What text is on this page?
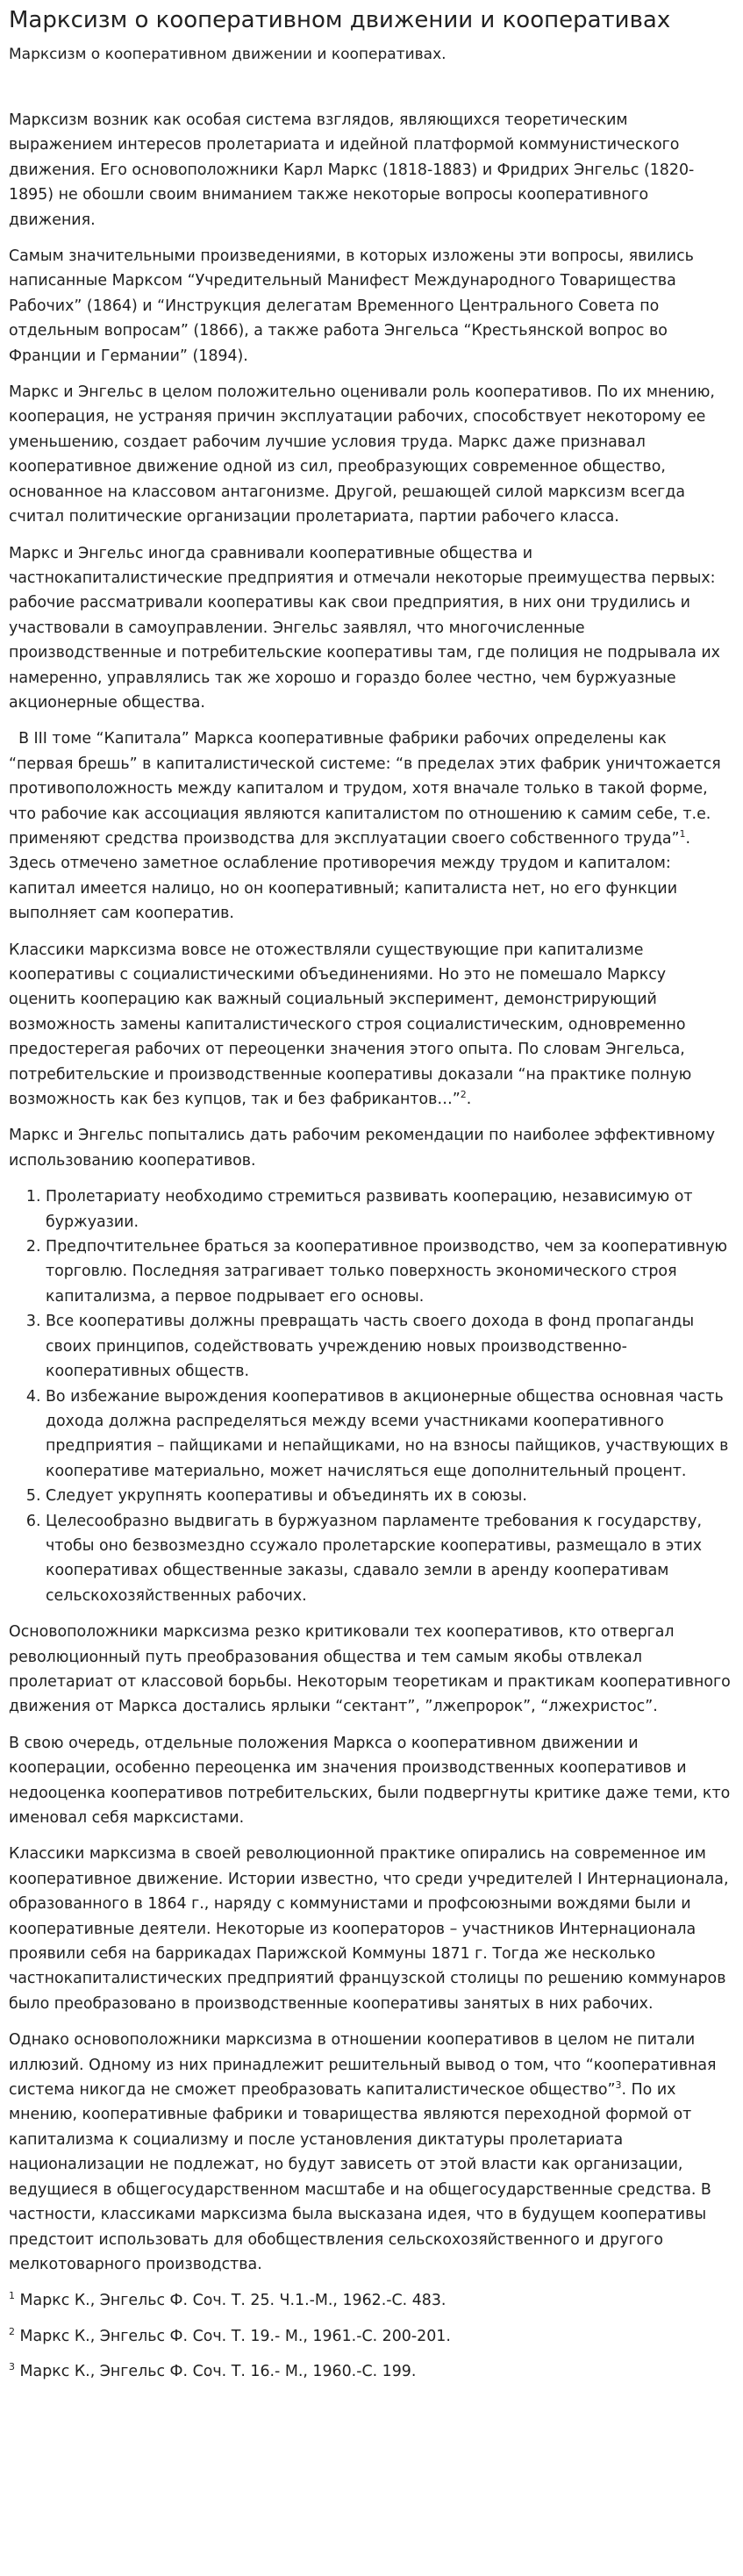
Марксизм о кооперативном движении и кооперативах
Марксизм о кооперативном движении и кооперативах.

Марксизм возник как особая система взглядов, являющихся теоретическим выражением интересов пролетариата и идейной платформой коммунистического движения. Его основоположники Карл Маркс (1818-1883) и Фридрих Энгельс (1820-1895) не обошли своим вниманием также некоторые вопросы кооперативного движения.

Самым значительными произведениями, в которых изложены эти вопросы, явились написанные Марксом “Учредительный Манифест Международного Товарищества Рабочих” (1864) и “Инструкция делегатам Временного Центрального Совета по отдельным вопросам” (1866), а также работа Энгельса “Крестьянской вопрос во Франции и Германии” (1894).

Маркс и Энгельс в целом положительно оценивали роль кооперативов. По их мнению, кооперация, не устраняя причин эксплуатации рабочих, способствует некоторому ее уменьшению, создает рабочим лучшие условия труда. Маркс даже признавал кооперативное движение одной из сил, преобразующих современное общество, основанное на классовом антагонизме. Другой, решающей силой марксизм всегда считал политические организации пролетариата, партии рабочего класса.

Маркс и Энгельс иногда сравнивали кооперативные общества и частнокапиталистические предприятия и отмечали некоторые преимущества первых: рабочие рассматривали кооперативы как свои предприятия, в них они трудились и участвовали в самоуправлении. Энгельс заявлял, что многочисленные производственные и потребительские кооперативы там, где полиция не подрывала их намеренно, управлялись так же хорошо и гораздо более честно, чем буржуазные акционерные общества.

В III томе “Капитала” Маркса кооперативные фабрики рабочих определены как “первая брешь” в капиталистической системе: “в пределах этих фабрик уничтожается противоположность между капиталом и трудом, хотя вначале только в такой форме, что рабочие как ассоциация являются капиталистом по отношению к самим себе, т.е. применяют средства производства для эксплуатации своего собственного труда”$^1$. Здесь отмечено заметное ослабление противоречия между трудом и капиталом: капитал имеется налицо, но он кооперативный; капиталиста нет, но его функции выполняет сам кооператив.

Классики марксизма вовсе не отожествляли существующие при капитализме кооперативы с социалистическими объединениями. Но это не помешало Марксу оценить кооперацию как важный социальный эксперимент, демонстрирующий возможность замены капиталистического строя социалистическим, одновременно предостерегая рабочих от переоценки значения этого опыта. По словам Энгельса, потребительские и производственные кооперативы доказали “на практике полную возможность как без купцов, так и без фабрикантов…”$^2$.

Маркс и Энгельс попытались дать рабочим рекомендации по наиболее эффективному использованию кооперативов.

1. Пролетариату необходимо стремиться развивать кооперацию, независимую от буржуазии.
2. Предпочтительнее браться за кооперативное производство, чем за кооперативную торговлю. Последняя затрагивает только поверхность экономического строя капитализма, а первое подрывает его основы.
3. Все кооперативы должны превращать часть своего дохода в фонд пропаганды своих принципов, содействовать учреждению новых производственно-кооперативных обществ.
4. Во избежание вырождения кооперативов в акционерные общества основная часть дохода должна распределяться между всеми участниками кооперативного предприятия – пайщиками и непайщиками, но на взносы пайщиков, участвующих в кооперативе материально, может начисляться еще дополнительный процент.
5. Следует укрупнять кооперативы и объединять их в союзы.
6. Целесообразно выдвигать в буржуазном парламенте требования к государству, чтобы оно безвозмездно ссужало пролетарские кооперативы, размещало в этих кооперативах общественные заказы, сдавало земли в аренду кооперативам сельскохозяйственных рабочих.

Основоположники марксизма резко критиковали тех кооперативов, кто отвергал революционный путь преобразования общества и тем самым якобы отвлекал пролетариат от классовой борьбы. Некоторым теоретикам и практикам кооперативного движения от Маркса достались ярлыки “сектант”, ”лжепророк”, “лжехристос”.

В свою очередь, отдельные положения Маркса о кооперативном движении и кооперации, особенно переоценка им значения производственных кооперативов и недооценка кооперативов потребительских, были подвергнуты критике даже теми, кто именовал себя марксистами.

Классики марксизма в своей революционной практике опирались на современное им кооперативное движение. Истории известно, что среди учредителей I Интернационала, образованного в 1864 г., наряду с коммунистами и профсоюзными вождями были и кооперативные деятели. Некоторые из кооператоров – участников Интернационала проявили себя на баррикадах Парижской Коммуны 1871 г. Тогда же несколько частнокапиталистических предприятий французской столицы по решению коммунаров было преобразовано в производственные кооперативы занятых в них рабочих.

Однако основоположники марксизма в отношении кооперативов в целом не питали иллюзий. Одному из них принадлежит решительный вывод о том, что “кооперативная система никогда не сможет преобразовать капиталистическое общество”$^3$. По их мнению, кооперативные фабрики и товарищества являются переходной формой от капитализма к социализму и после установления диктатуры пролетариата национализации не подлежат, но будут зависеть от этой власти как организации, ведущиеся в общегосударственном масштабе и на общегосударственные средства. В частности, классиками марксизма была высказана идея, что в будущем кооперативы предстоит использовать для обобществления сельскохозяйственного и другого мелкотоварного производства.

$^1$ Маркс К., Энгельс Ф. Соч. Т. 25. Ч.1.-М., 1962.-С. 483.

$^2$ Маркс К., Энгельс Ф. Соч. Т. 19.- М., 1961.-С. 200-201.

$^3$ Маркс К., Энгельс Ф. Соч. Т. 16.- М., 1960.-С. 199.
